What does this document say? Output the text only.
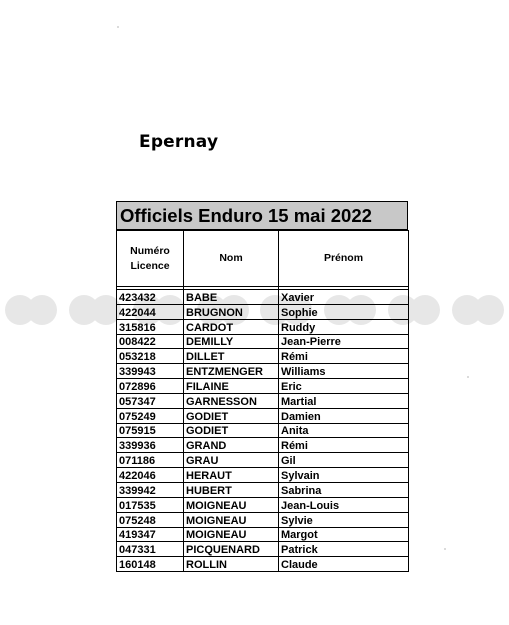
Epernay
Officiels Enduro 15 mai 2022
Numéro
Licence	Nom	Prénom

423432	BABE	Xavier
422044	BRUGNON	Sophie
315816	CARDOT	Ruddy
008422	DEMILLY	Jean-Pierre
053218	DILLET	Rémi
339943	ENTZMENGER	Williams
072896	FILAINE	Eric
057347	GARNESSON	Martial
075249	GODIET	Damien
075915	GODIET	Anita
339936	GRAND	Rémi
071186	GRAU	Gil
422046	HERAUT	Sylvain
339942	HUBERT	Sabrina
017535	MOIGNEAU	Jean-Louis
075248	MOIGNEAU	Sylvie
419347	MOIGNEAU	Margot
047331	PICQUENARD	Patrick
160148	ROLLIN	Claude
